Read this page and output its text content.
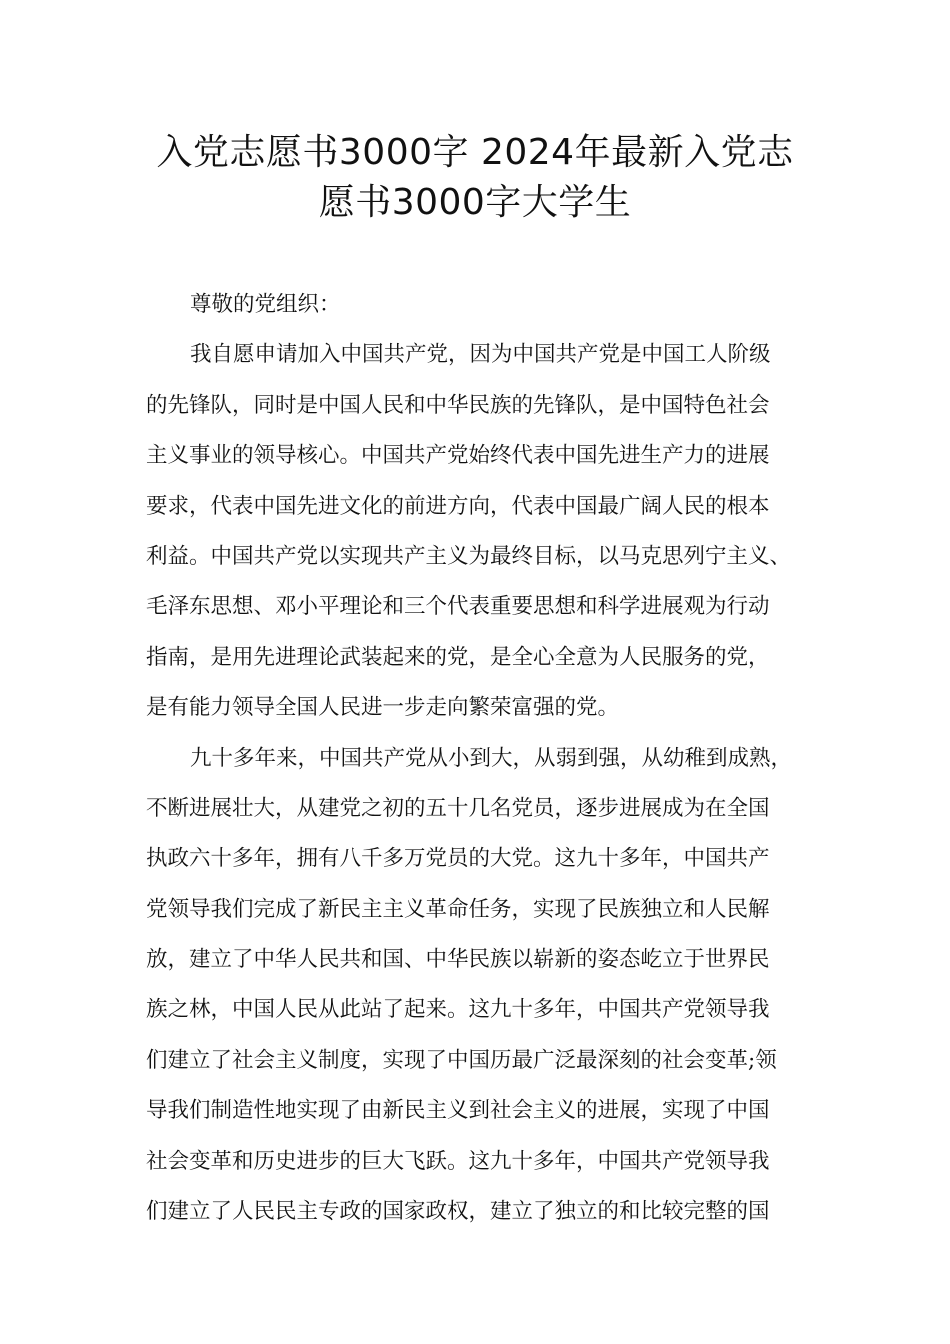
入党志愿书3000字 2024年最新入党志
愿书3000字大学生
尊敬的党组织：
我自愿申请加入中国共产党，因为中国共产党是中国工人阶级
的先锋队，同时是中国人民和中华民族的先锋队，是中国特色社会
主义事业的领导核心。中国共产党始终代表中国先进生产力的进展
要求，代表中国先进文化的前进方向，代表中国最广阔人民的根本
利益。中国共产党以实现共产主义为最终目标，以马克思列宁主义、
毛泽东思想、邓小平理论和三个代表重要思想和科学进展观为行动
指南，是用先进理论武装起来的党，是全心全意为人民服务的党，
是有能力领导全国人民进一步走向繁荣富强的党。
九十多年来，中国共产党从小到大，从弱到强，从幼稚到成熟，
不断进展壮大，从建党之初的五十几名党员，逐步进展成为在全国
执政六十多年，拥有八千多万党员的大党。这九十多年，中国共产
党领导我们完成了新民主主义革命任务，实现了民族独立和人民解
放，建立了中华人民共和国、中华民族以崭新的姿态屹立于世界民
族之林，中国人民从此站了起来。这九十多年，中国共产党领导我
们建立了社会主义制度，实现了中国历最广泛最深刻的社会变革;领
导我们制造性地实现了由新民主义到社会主义的进展，实现了中国
社会变革和历史进步的巨大飞跃。这九十多年，中国共产党领导我
们建立了人民民主专政的国家政权，建立了独立的和比较完整的国
